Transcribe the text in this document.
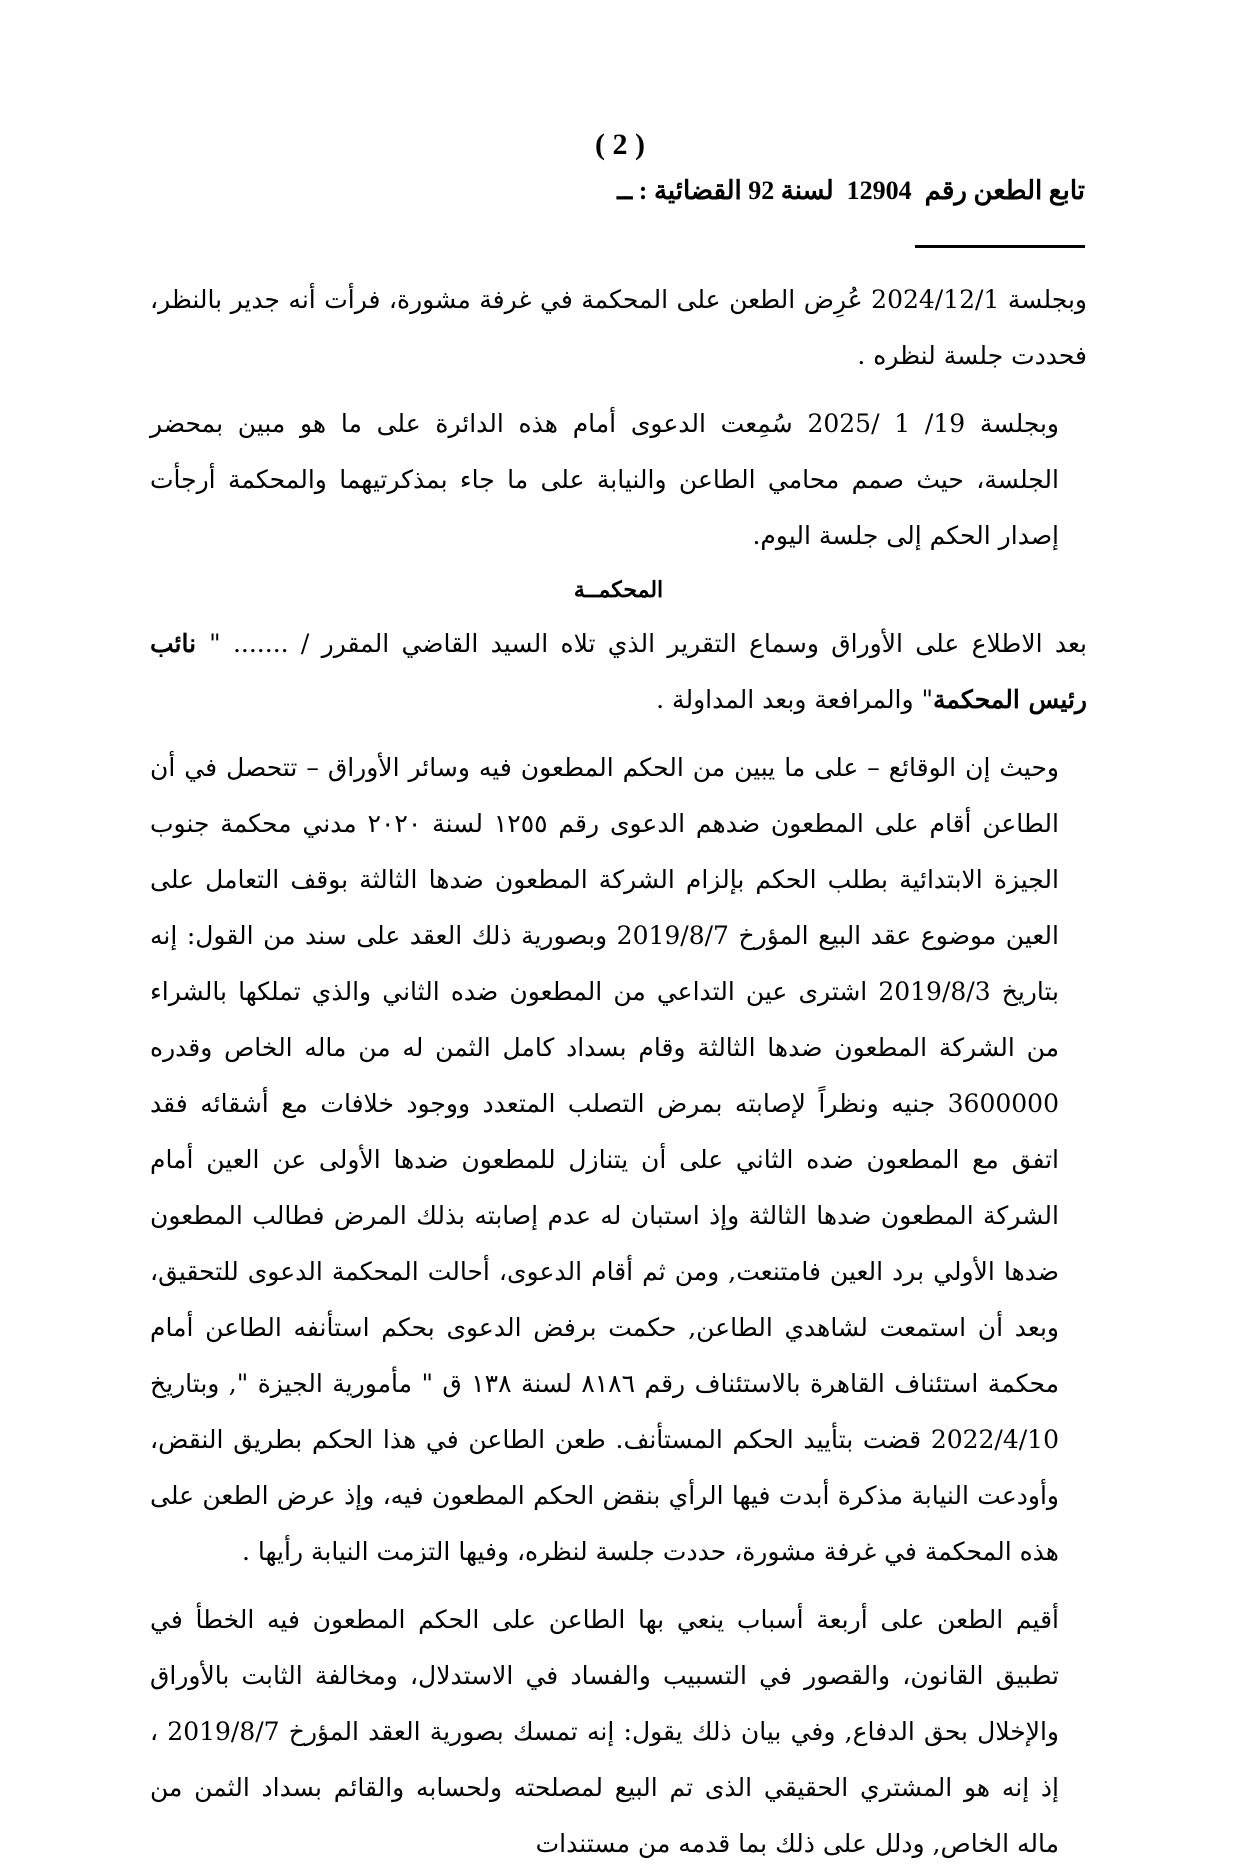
( 2 )
تابع الطعن رقم  12904  لسنة 92 القضائية : ــ

وبجلسة 2024/12/1 عُرِض الطعن على المحكمة في غرفة مشورة، فرأت أنه جدير بالنظر، فحددت جلسة لنظره .

وبجلسة 19/ 1 /2025 سُمِعت الدعوى أمام هذه الدائرة على ما هو مبين بمحضر الجلسة، حيث صمم محامي الطاعن والنيابة على ما جاء بمذكرتيهما والمحكمة أرجأت إصدار الحكم إلى جلسة اليوم.

المحكمــة

بعد الاطلاع على الأوراق وسماع التقرير الذي تلاه السيد القاضي المقرر / ....... " نائب رئيس المحكمة" والمرافعة وبعد المداولة .

وحيث إن الوقائع – على ما يبين من الحكم المطعون فيه وسائر الأوراق – تتحصل في أن الطاعن أقام على المطعون ضدهم الدعوى رقم ١٢٥٥ لسنة ٢٠٢٠ مدني محكمة جنوب الجيزة الابتدائية بطلب الحكم بإلزام الشركة المطعون ضدها الثالثة بوقف التعامل على العين موضوع عقد البيع المؤرخ 2019/8/7 وبصورية ذلك العقد على سند من القول: إنه بتاريخ 2019/8/3 اشترى عين التداعي من المطعون ضده الثاني والذي تملكها بالشراء من الشركة المطعون ضدها الثالثة وقام بسداد كامل الثمن له من ماله الخاص وقدره 3600000 جنيه ونظراً لإصابته بمرض التصلب المتعدد ووجود خلافات مع أشقائه فقد اتفق مع المطعون ضده الثاني على أن يتنازل للمطعون ضدها الأولى عن العين أمام الشركة المطعون ضدها الثالثة وإذ استبان له عدم إصابته بذلك المرض فطالب المطعون ضدها الأولي برد العين فامتنعت, ومن ثم أقام الدعوى، أحالت المحكمة الدعوى للتحقيق، وبعد أن استمعت لشاهدي الطاعن, حكمت برفض الدعوى بحكم استأنفه الطاعن أمام محكمة استئناف القاهرة بالاستئناف رقم ٨١٨٦ لسنة ١٣٨ ق " مأمورية الجيزة ", وبتاريخ 2022/4/10 قضت بتأييد الحكم المستأنف. طعن الطاعن في هذا الحكم بطريق النقض، وأودعت النيابة مذكرة أبدت فيها الرأي بنقض الحكم المطعون فيه، وإذ عرض الطعن على هذه المحكمة في غرفة مشورة، حددت جلسة لنظره، وفيها التزمت النيابة رأيها .

أقيم الطعن على أربعة أسباب ينعي بها الطاعن على الحكم المطعون فيه الخطأ في تطبيق القانون، والقصور في التسبيب والفساد في الاستدلال، ومخالفة الثابت بالأوراق والإخلال بحق الدفاع, وفي بيان ذلك يقول: إنه تمسك بصورية العقد المؤرخ 2019/8/7 ، إذ إنه هو المشتري الحقيقي الذى تم البيع لمصلحته ولحسابه والقائم بسداد الثمن من ماله الخاص, ودلل على ذلك بما قدمه من مستندات
